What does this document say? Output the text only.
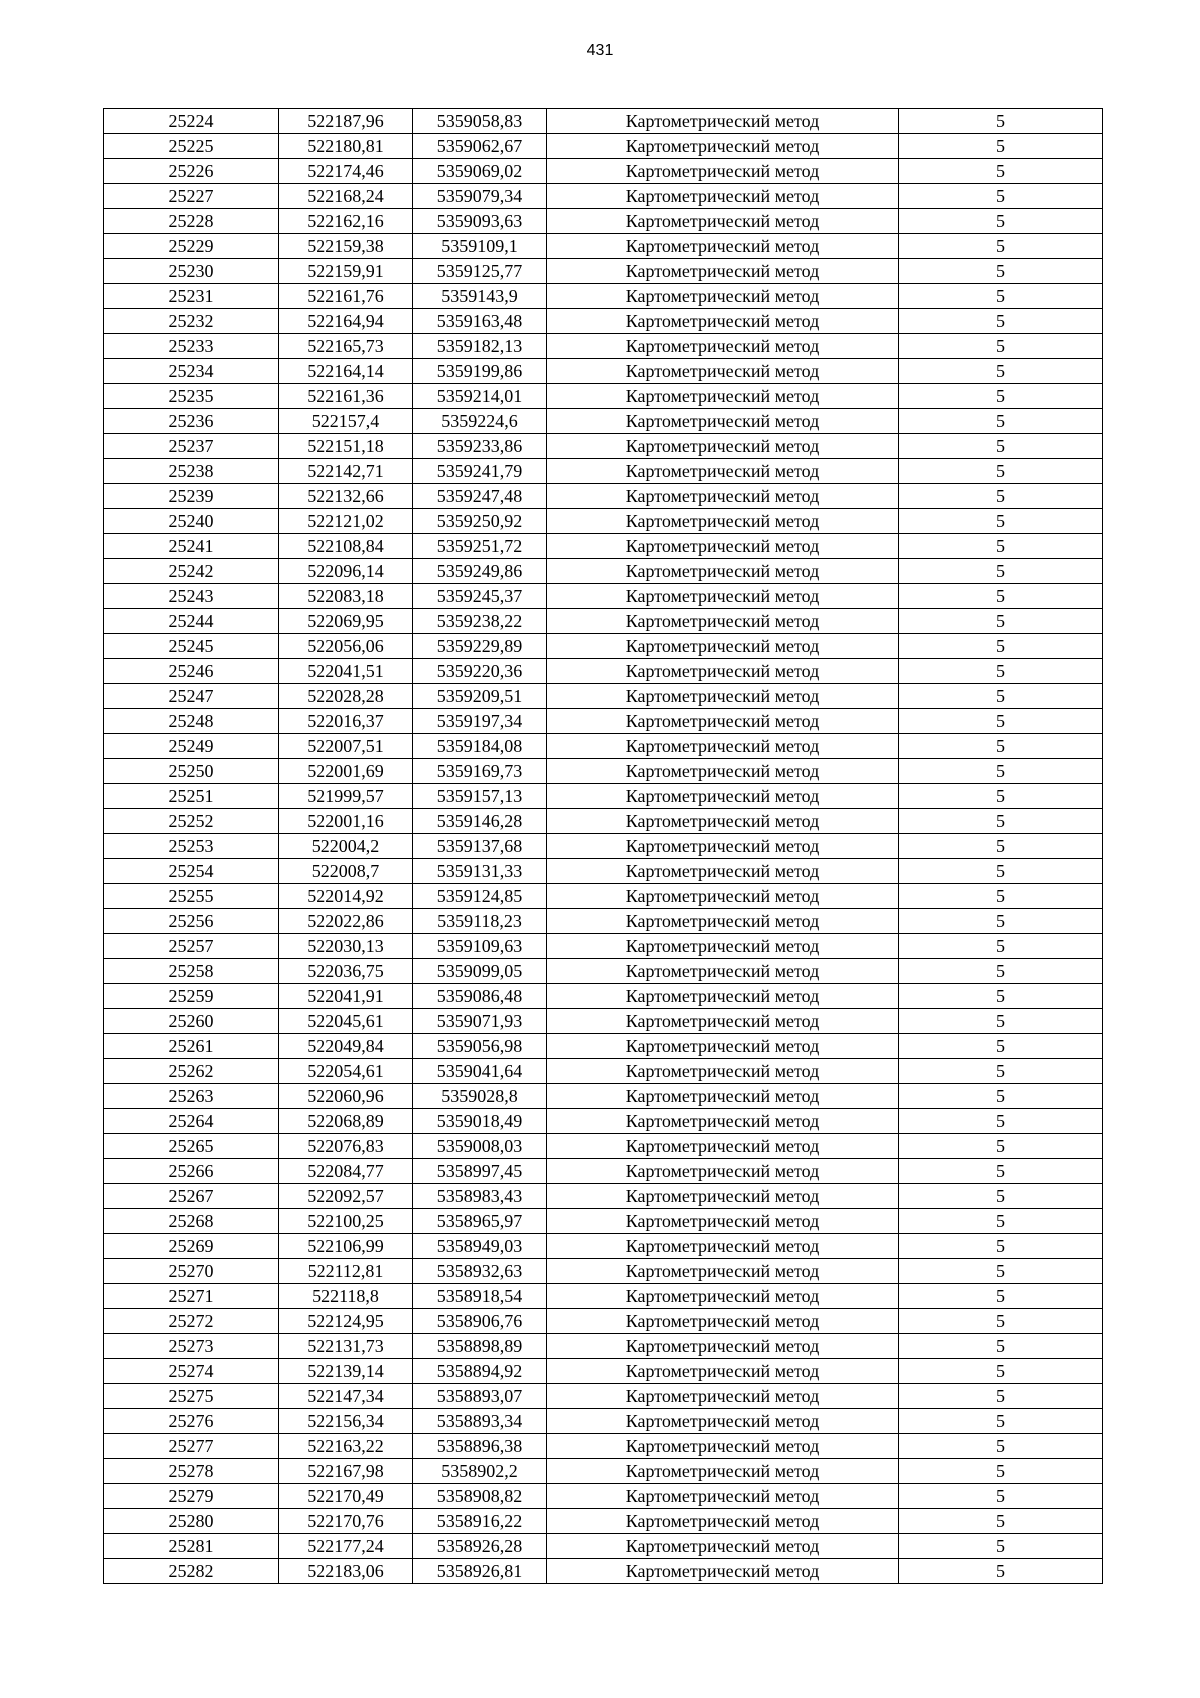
431
25224	522187,96	5359058,83	Картометрический метод	5
25225	522180,81	5359062,67	Картометрический метод	5
25226	522174,46	5359069,02	Картометрический метод	5
25227	522168,24	5359079,34	Картометрический метод	5
25228	522162,16	5359093,63	Картометрический метод	5
25229	522159,38	5359109,1	Картометрический метод	5
25230	522159,91	5359125,77	Картометрический метод	5
25231	522161,76	5359143,9	Картометрический метод	5
25232	522164,94	5359163,48	Картометрический метод	5
25233	522165,73	5359182,13	Картометрический метод	5
25234	522164,14	5359199,86	Картометрический метод	5
25235	522161,36	5359214,01	Картометрический метод	5
25236	522157,4	5359224,6	Картометрический метод	5
25237	522151,18	5359233,86	Картометрический метод	5
25238	522142,71	5359241,79	Картометрический метод	5
25239	522132,66	5359247,48	Картометрический метод	5
25240	522121,02	5359250,92	Картометрический метод	5
25241	522108,84	5359251,72	Картометрический метод	5
25242	522096,14	5359249,86	Картометрический метод	5
25243	522083,18	5359245,37	Картометрический метод	5
25244	522069,95	5359238,22	Картометрический метод	5
25245	522056,06	5359229,89	Картометрический метод	5
25246	522041,51	5359220,36	Картометрический метод	5
25247	522028,28	5359209,51	Картометрический метод	5
25248	522016,37	5359197,34	Картометрический метод	5
25249	522007,51	5359184,08	Картометрический метод	5
25250	522001,69	5359169,73	Картометрический метод	5
25251	521999,57	5359157,13	Картометрический метод	5
25252	522001,16	5359146,28	Картометрический метод	5
25253	522004,2	5359137,68	Картометрический метод	5
25254	522008,7	5359131,33	Картометрический метод	5
25255	522014,92	5359124,85	Картометрический метод	5
25256	522022,86	5359118,23	Картометрический метод	5
25257	522030,13	5359109,63	Картометрический метод	5
25258	522036,75	5359099,05	Картометрический метод	5
25259	522041,91	5359086,48	Картометрический метод	5
25260	522045,61	5359071,93	Картометрический метод	5
25261	522049,84	5359056,98	Картометрический метод	5
25262	522054,61	5359041,64	Картометрический метод	5
25263	522060,96	5359028,8	Картометрический метод	5
25264	522068,89	5359018,49	Картометрический метод	5
25265	522076,83	5359008,03	Картометрический метод	5
25266	522084,77	5358997,45	Картометрический метод	5
25267	522092,57	5358983,43	Картометрический метод	5
25268	522100,25	5358965,97	Картометрический метод	5
25269	522106,99	5358949,03	Картометрический метод	5
25270	522112,81	5358932,63	Картометрический метод	5
25271	522118,8	5358918,54	Картометрический метод	5
25272	522124,95	5358906,76	Картометрический метод	5
25273	522131,73	5358898,89	Картометрический метод	5
25274	522139,14	5358894,92	Картометрический метод	5
25275	522147,34	5358893,07	Картометрический метод	5
25276	522156,34	5358893,34	Картометрический метод	5
25277	522163,22	5358896,38	Картометрический метод	5
25278	522167,98	5358902,2	Картометрический метод	5
25279	522170,49	5358908,82	Картометрический метод	5
25280	522170,76	5358916,22	Картометрический метод	5
25281	522177,24	5358926,28	Картометрический метод	5
25282	522183,06	5358926,81	Картометрический метод	5
